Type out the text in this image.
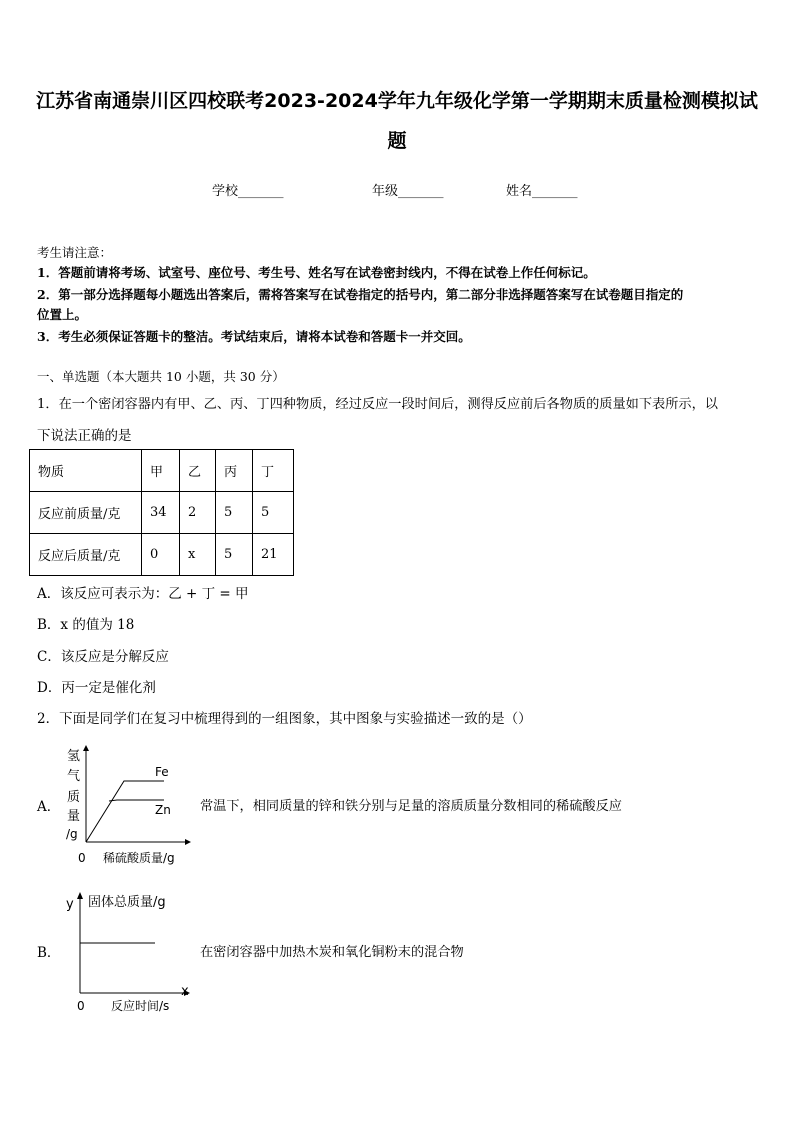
江苏省南通崇川区四校联考2023-2024学年九年级化学第一学期期末质量检测模拟试
题
学校_______	年级_______	姓名_______
考生请注意：
1．答题前请将考场、试室号、座位号、考生号、姓名写在试卷密封线内，不得在试卷上作任何标记。
2．第一部分选择题每小题选出答案后，需将答案写在试卷指定的括号内，第二部分非选择题答案写在试卷题目指定的
位置上。
3．考生必须保证答题卡的整洁。考试结束后，请将本试卷和答题卡一并交回。
一、单选题（本大题共 10 小题，共 30 分）
1．在一个密闭容器内有甲、乙、丙、丁四种物质，经过反应一段时间后，测得反应前后各物质的质量如下表所示，以
下说法正确的是
物质	甲	乙	丙	丁
反应前质量/克	34	2	5	5
反应后质量/克	0	x	5	21
A．该反应可表示为：乙 + 丁 = 甲
B．x 的值为 18
C．该反应是分解反应
D．丙一定是催化剂
2．下面是同学们在复习中梳理得到的一组图象，其中图象与实验描述一致的是（）
A．
氢
气
质
量
/g
0
Fe
Zn
稀硫酸质量/g
常温下，相同质量的锌和铁分别与足量的溶质质量分数相同的稀硫酸反应
B．
y 固体总质量/g
x
0 反应时间/s
在密闭容器中加热木炭和氧化铜粉末的混合物
